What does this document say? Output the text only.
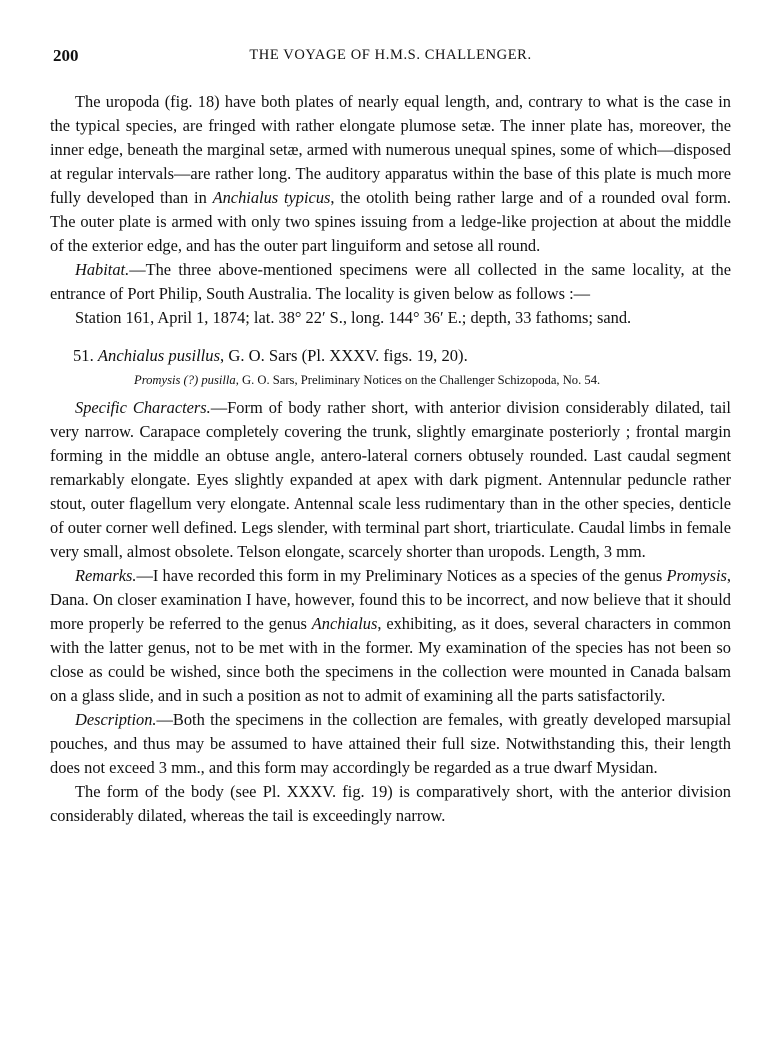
200	THE VOYAGE OF H.M.S. CHALLENGER.

The uropoda (fig. 18) have both plates of nearly equal length, and, contrary to what is the case in the typical species, are fringed with rather elongate plumose setæ. The inner plate has, moreover, the inner edge, beneath the marginal setæ, armed with numerous unequal spines, some of which—disposed at regular intervals—are rather long. The auditory apparatus within the base of this plate is much more fully developed than in Anchialus typicus, the otolith being rather large and of a rounded oval form. The outer plate is armed with only two spines issuing from a ledge-like projection at about the middle of the exterior edge, and has the outer part linguiform and setose all round.

Habitat.—The three above-mentioned specimens were all collected in the same locality, at the entrance of Port Philip, South Australia. The locality is given below as follows :—

Station 161, April 1, 1874; lat. 38° 22′ S., long. 144° 36′ E.; depth, 33 fathoms; sand.

51. Anchialus pusillus, G. O. Sars (Pl. XXXV. figs. 19, 20).
Promysis (?) pusilla, G. O. Sars, Preliminary Notices on the Challenger Schizopoda, No. 54.

Specific Characters.—Form of body rather short, with anterior division considerably dilated, tail very narrow. Carapace completely covering the trunk, slightly emarginate posteriorly ; frontal margin forming in the middle an obtuse angle, antero-lateral corners obtusely rounded. Last caudal segment remarkably elongate. Eyes slightly expanded at apex with dark pigment. Antennular peduncle rather stout, outer flagellum very elongate. Antennal scale less rudimentary than in the other species, denticle of outer corner well defined. Legs slender, with terminal part short, triarticulate. Caudal limbs in female very small, almost obsolete. Telson elongate, scarcely shorter than uropods. Length, 3 mm.

Remarks.—I have recorded this form in my Preliminary Notices as a species of the genus Promysis, Dana. On closer examination I have, however, found this to be incorrect, and now believe that it should more properly be referred to the genus Anchialus, exhibiting, as it does, several characters in common with the latter genus, not to be met with in the former. My examination of the species has not been so close as could be wished, since both the specimens in the collection were mounted in Canada balsam on a glass slide, and in such a position as not to admit of examining all the parts satisfactorily.

Description.—Both the specimens in the collection are females, with greatly developed marsupial pouches, and thus may be assumed to have attained their full size. Notwithstanding this, their length does not exceed 3 mm., and this form may accordingly be regarded as a true dwarf Mysidan.

The form of the body (see Pl. XXXV. fig. 19) is comparatively short, with the anterior division considerably dilated, whereas the tail is exceedingly narrow.
